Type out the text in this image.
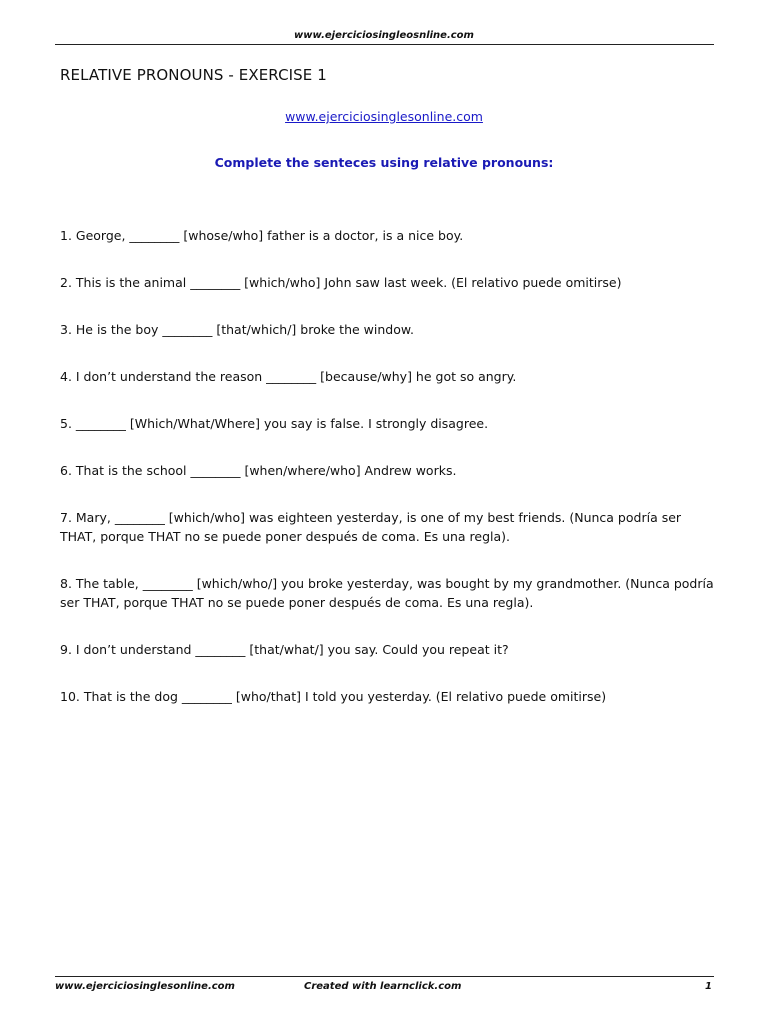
www.ejerciciosingleosnline.com
RELATIVE PRONOUNS - EXERCISE 1
www.ejerciciosinglesonline.com
Complete the senteces using relative pronouns:
1. George, ________ [whose/who] father is a doctor, is a nice boy.
2. This is the animal ________ [which/who] John saw last week. (El relativo puede omitirse)
3. He is the boy ________ [that/which/] broke the window.
4. I don’t understand the reason ________ [because/why] he got so angry.
5. ________ [Which/What/Where] you say is false. I strongly disagree.
6. That is the school ________ [when/where/who] Andrew works.
7. Mary, ________ [which/who] was eighteen yesterday, is one of my best friends. (Nunca podría ser THAT, porque THAT no se puede poner después de coma. Es una regla).
8. The table, ________ [which/who/] you broke yesterday, was bought by my grandmother. (Nunca podría ser THAT, porque THAT no se puede poner después de coma. Es una regla).
9. I don’t understand ________ [that/what/] you say. Could you repeat it?
10. That is the dog ________ [who/that] I told you yesterday. (El relativo puede omitirse)
www.ejerciciosinglesonline.com	Created with learnclick.com	1
